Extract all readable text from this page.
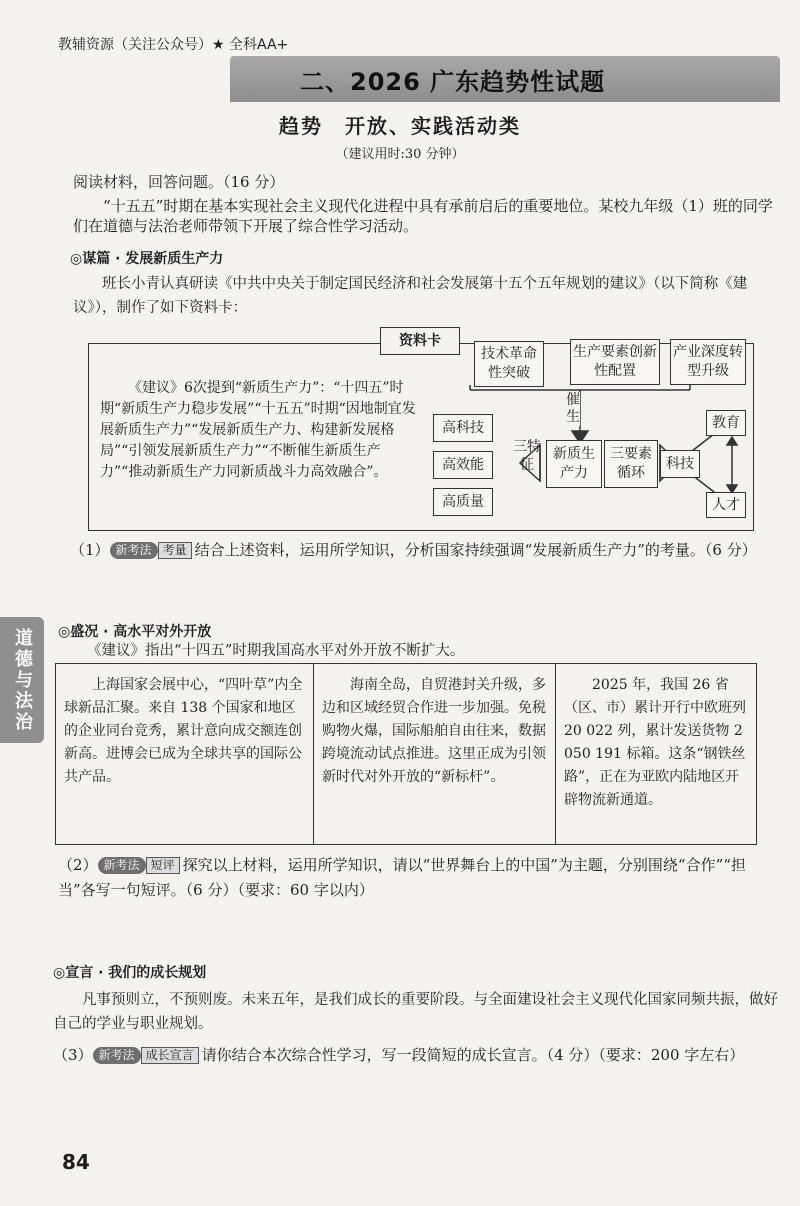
教辅资源（关注公众号）★ 全科AA+
二、2026 广东趋势性试题
趋势　开放、实践活动类
（建议用时:30 分钟）
阅读材料，回答问题。（16 分）
“十五五”时期在基本实现社会主义现代化进程中具有承前启后的重要地位。某校九年级（1）班的同学们在道德与法治老师带领下开展了综合性学习活动。
◎谋篇 · 发展新质生产力
班长小青认真研读《中共中央关于制定国民经济和社会发展第十五个五年规划的建议》（以下简称《建议》），制作了如下资料卡：
资料卡
《建议》6次提到“新质生产力”：“十四五”时期“新质生产力稳步发展”“十五五”时期“因地制宜发展新质生产力”“发展新质生产力、构建新发展格局”“引领发展新质生产力”“不断催生新质生产力”“推动新质生产力同新质战斗力高效融合”。
技术革命性突破
生产要素创新性配置
产业深度转型升级
催生
高科技
高效能
高质量
三特征
新质生产力
三要素循环
科技
教育
人才
（1） 新考法 考量 结合上述资料，运用所学知识，分析国家持续强调“发展新质生产力”的考量。（6 分）
道德与法治	◎盛况 · 高水平对外开放
《建议》指出“十四五”时期我国高水平对外开放不断扩大。
上海国家会展中心，“四叶草”内全球新品汇聚。来自 138 个国家和地区的企业同台竞秀，累计意向成交额连创新高。进博会已成为全球共享的国际公共产品。
海南全岛，自贸港封关升级，多边和区域经贸合作进一步加强。免税购物火爆，国际船舶自由往来，数据跨境流动试点推进。这里正成为引领新时代对外开放的“新标杆”。
2025 年，我国 26 省（区、市）累计开行中欧班列 20 022 列，累计发送货物 2 050 191 标箱。这条“钢铁丝路”，正在为亚欧内陆地区开辟物流新通道。
（2） 新考法 短评 探究以上材料，运用所学知识，请以“世界舞台上的中国”为主题，分别围绕“合作”“担当”各写一句短评。（6 分）（要求：60 字以内）
◎宣言 · 我们的成长规划
凡事预则立，不预则废。未来五年，是我们成长的重要阶段。与全面建设社会主义现代化国家同频共振，做好自己的学业与职业规划。
（3） 新考法 成长宣言 请你结合本次综合性学习，写一段简短的成长宣言。（4 分）（要求：200 字左右）
84
